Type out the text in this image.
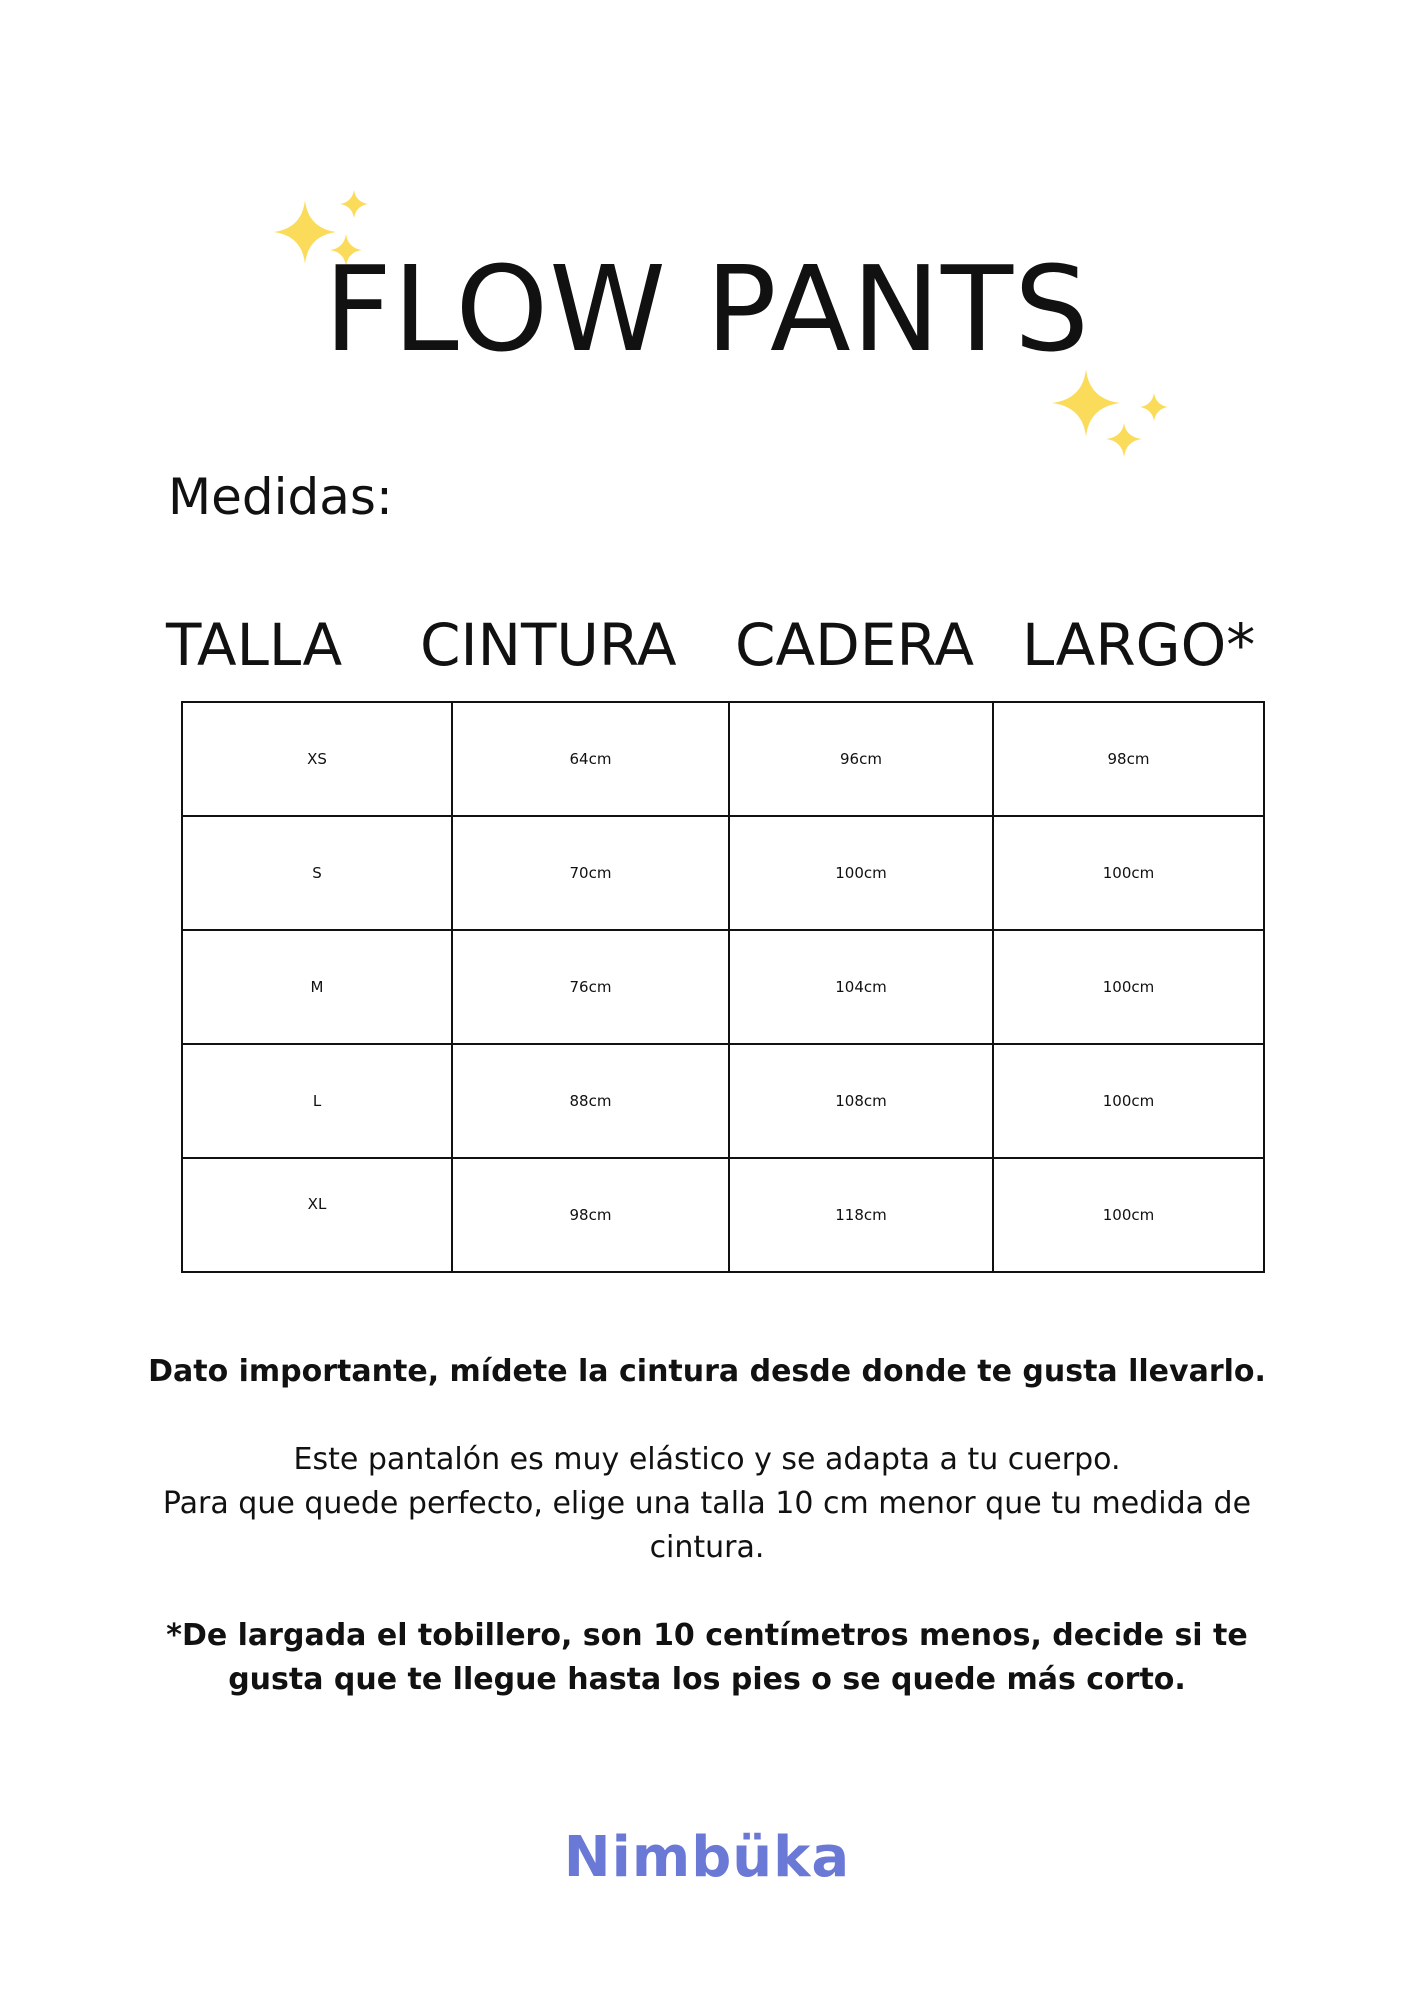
FLOW PANTS
Medidas:
TALLA CINTURA CADERA LARGO*
XS	64cm	96cm	98cm
S	70cm	100cm	100cm
M	76cm	104cm	100cm
L	88cm	108cm	100cm
XL	98cm	118cm	100cm

Dato importante, mídete la cintura desde donde te gusta llevarlo.

Este pantalón es muy elástico y se adapta a tu cuerpo.

Para que quede perfecto, elige una talla 10 cm menor que tu medida de cintura.

*De largada el tobillero, son 10 centímetros menos, decide si te gusta que te llegue hasta los pies o se quede más corto.

Nimbüka
